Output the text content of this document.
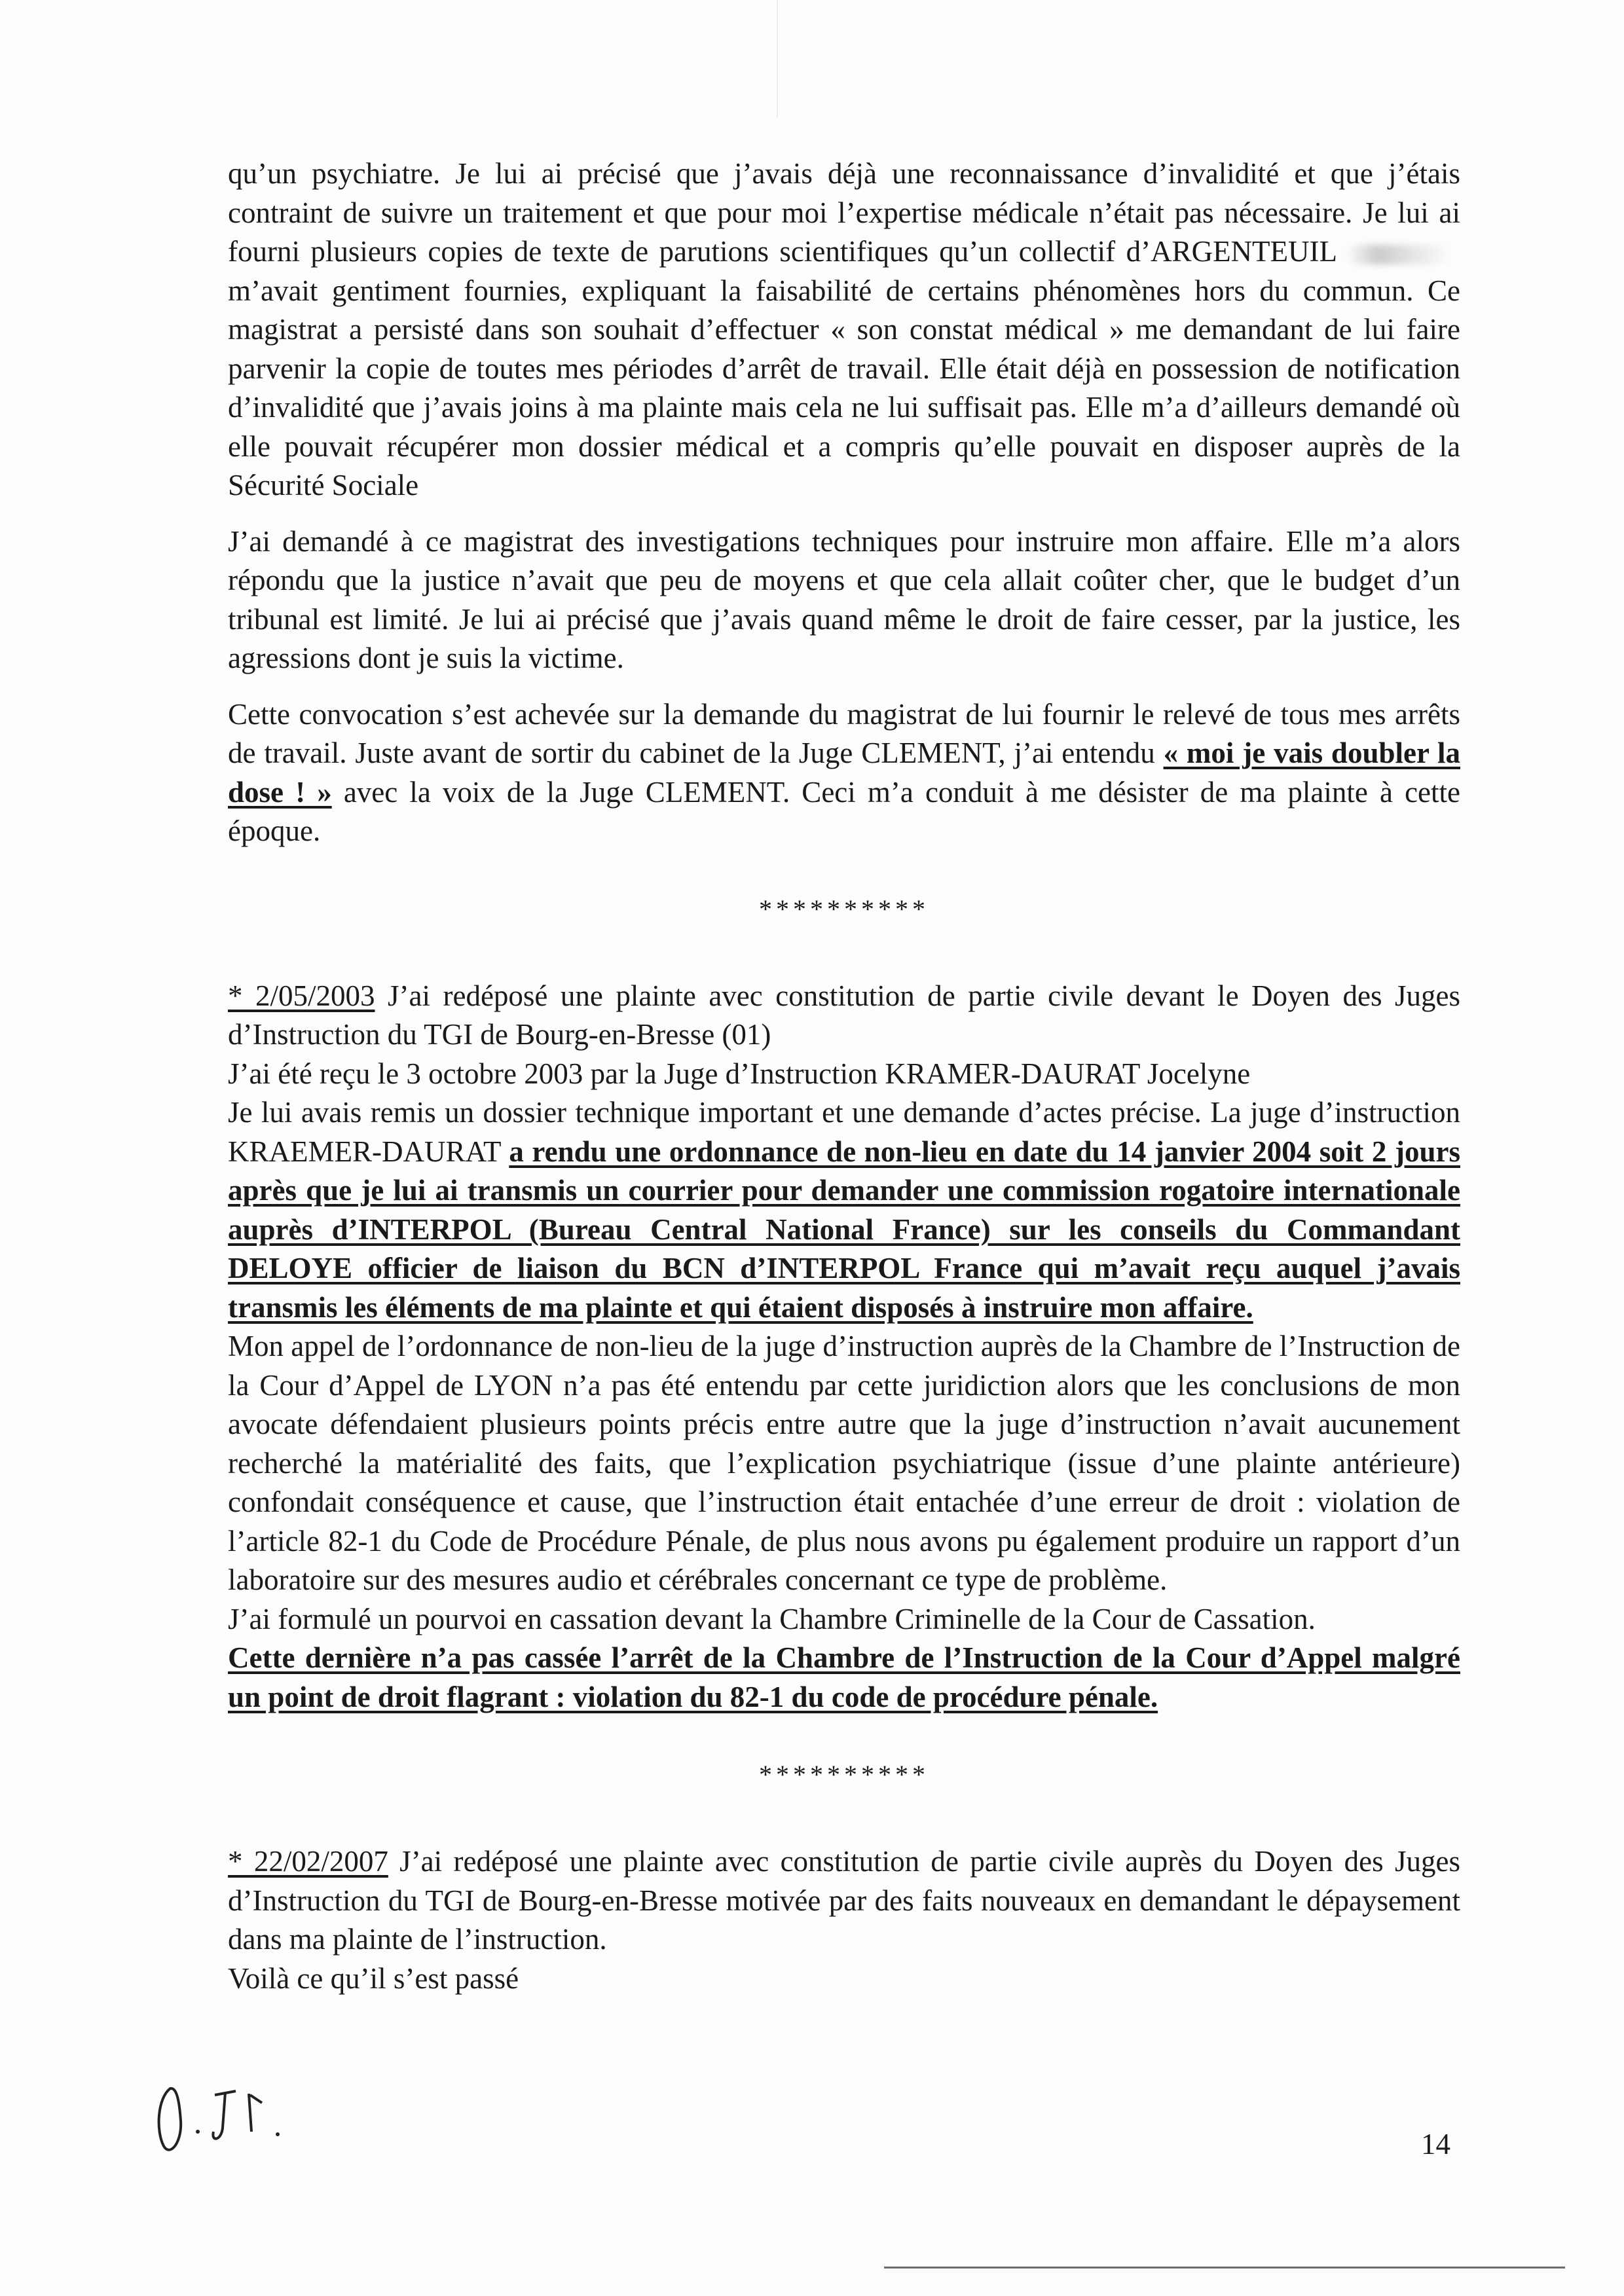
qu’un psychiatre. Je lui ai précisé que j’avais déjà une reconnaissance d’invalidité et que j’étais contraint de suivre un traitement et que pour moi l’expertise médicale n’était pas nécessaire. Je lui ai fourni plusieurs copies de texte de parutions scientifiques qu’un collectif d’ARGENTEUILm’avait gentiment fournies, expliquant la faisabilité de certains phénomènes hors du commun. Ce magistrat a persisté dans son souhait d’effectuer « son constat médical » me demandant de lui faire parvenir la copie de toutes mes périodes d’arrêt de travail. Elle était déjà en possession de notification d’invalidité que j’avais joins à ma plainte mais cela ne lui suffisait pas. Elle m’a d’ailleurs demandé où elle pouvait récupérer mon dossier médical et a compris qu’elle pouvait en disposer auprès de la Sécurité Sociale

J’ai demandé à ce magistrat des investigations techniques pour instruire mon affaire. Elle m’a alors répondu que la justice n’avait que peu de moyens et que cela allait coûter cher, que le budget d’un tribunal est limité. Je lui ai précisé que j’avais quand même le droit de faire cesser, par la justice, les agressions dont je suis la victime.

Cette convocation s’est achevée sur la demande du magistrat de lui fournir le relevé de tous mes arrêts de travail. Juste avant de sortir du cabinet de la Juge CLEMENT, j’ai entendu « moi je vais doubler la dose ! » avec la voix de la Juge CLEMENT. Ceci m’a conduit à me désister de ma plainte à cette époque.

**********

* 2/05/2003 J’ai redéposé une plainte avec constitution de partie civile devant le Doyen des Juges d’Instruction du TGI de Bourg-en-Bresse (01)

J’ai été reçu le 3 octobre 2003 par la Juge d’Instruction KRAMER-DAURAT Jocelyne

Je lui avais remis un dossier technique important et une demande d’actes précise. La juge d’instruction KRAEMER-DAURAT a rendu une ordonnance de non-lieu en date du 14 janvier 2004 soit 2 jours après que je lui ai transmis un courrier pour demander une commission rogatoire internationale auprès d’INTERPOL (Bureau Central National France) sur les conseils du Commandant DELOYE officier de liaison du BCN d’INTERPOL France qui m’avait reçu auquel j’avais transmis les éléments de ma plainte et qui étaient disposés à instruire mon affaire.

Mon appel de l’ordonnance de non-lieu de la juge d’instruction auprès de la Chambre de l’Instruction de la Cour d’Appel de LYON n’a pas été entendu par cette juridiction alors que les conclusions de mon avocate défendaient plusieurs points précis entre autre que la juge d’instruction n’avait aucunement recherché la matérialité des faits, que l’explication psychiatrique (issue d’une plainte antérieure) confondait conséquence et cause, que l’instruction était entachée d’une erreur de droit : violation de l’article 82-1 du Code de Procédure Pénale, de plus nous avons pu également produire un rapport d’un laboratoire sur des mesures audio et cérébrales concernant ce type de problème.

J’ai formulé un pourvoi en cassation devant la Chambre Criminelle de la Cour de Cassation.

Cette dernière n’a pas cassée l’arrêt de la Chambre de l’Instruction de la Cour d’Appel malgré un point de droit flagrant : violation du 82-1 du code de procédure pénale.

**********

* 22/02/2007 J’ai redéposé une plainte avec constitution de partie civile auprès du Doyen des Juges d’Instruction du TGI de Bourg-en-Bresse motivée par des faits nouveaux en demandant le dépaysement dans ma plainte de l’instruction.

Voilà ce qu’il s’est passé

14
